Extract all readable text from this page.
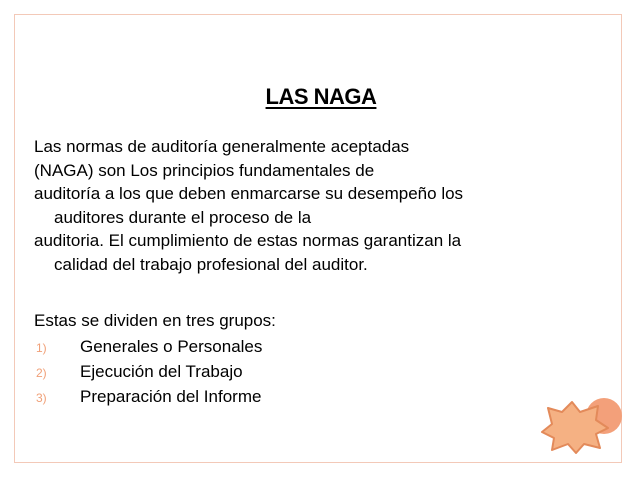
LAS NAGA

Las normas de auditoría generalmente aceptadas
(NAGA) son Los principios fundamentales de
auditoría a los que deben enmarcarse su desempeño los
auditores durante el proceso de la

auditoria. El cumplimiento de estas normas garantizan la
calidad del trabajo profesional del auditor.

Estas se dividen en tres grupos:
1)	Generales o Personales
2)	Ejecución del Trabajo
3)	Preparación del Informe
